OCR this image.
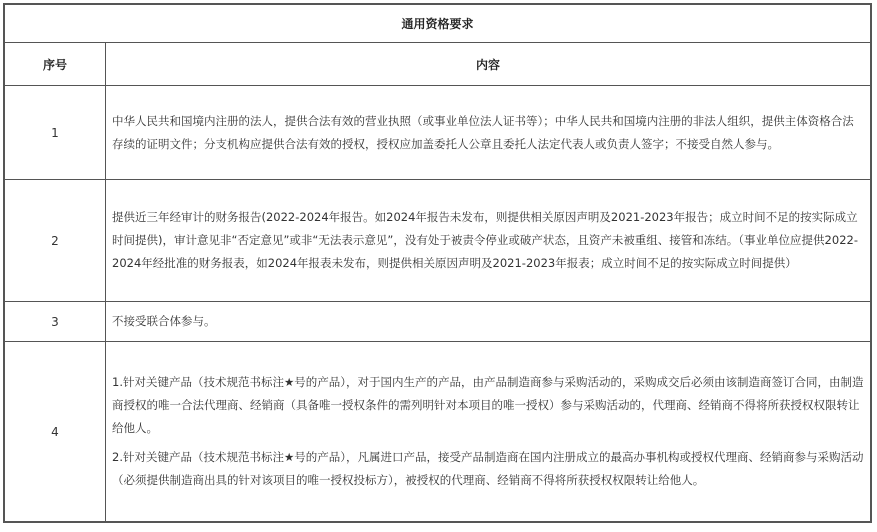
通用资格要求	
序号	内容
1	中华人民共和国境内注册的法人，提供合法有效的营业执照（或事业单位法人证书等）；中华人民共和国境内注册的非法人组织，提供主体资格合法存续的证明文件；分支机构应提供合法有效的授权，授权应加盖委托人公章且委托人法定代表人或负责人签字；不接受自然人参与。

2	提供近三年经审计的财务报告(2022-2024年报告。如2024年报告未发布，则提供相关原因声明及2021-2023年报告；成立时间不足的按实际成立时间提供)，审计意见非“否定意见”或非“无法表示意见”，没有处于被责令停业或破产状态，且资产未被重组、接管和冻结。（事业单位应提供2022-2024年经批准的财务报表，如2024年报表未发布，则提供相关原因声明及2021-2023年报表；成立时间不足的按实际成立时间提供）

3	不接受联合体参与。

4	1.针对关键产品（技术规范书标注★号的产品），对于国内生产的产品，由产品制造商参与采购活动的，采购成交后必须由该制造商签订合同，由制造商授权的唯一合法代理商、经销商（具备唯一授权条件的需列明针对本项目的唯一授权）参与采购活动的，代理商、经销商不得将所获授权权限转让给他人。

2.针对关键产品（技术规范书标注★号的产品），凡属进口产品，接受产品制造商在国内注册成立的最高办事机构或授权代理商、经销商参与采购活动（必须提供制造商出具的针对该项目的唯一授权投标方），被授权的代理商、经销商不得将所获授权权限转让给他人。
